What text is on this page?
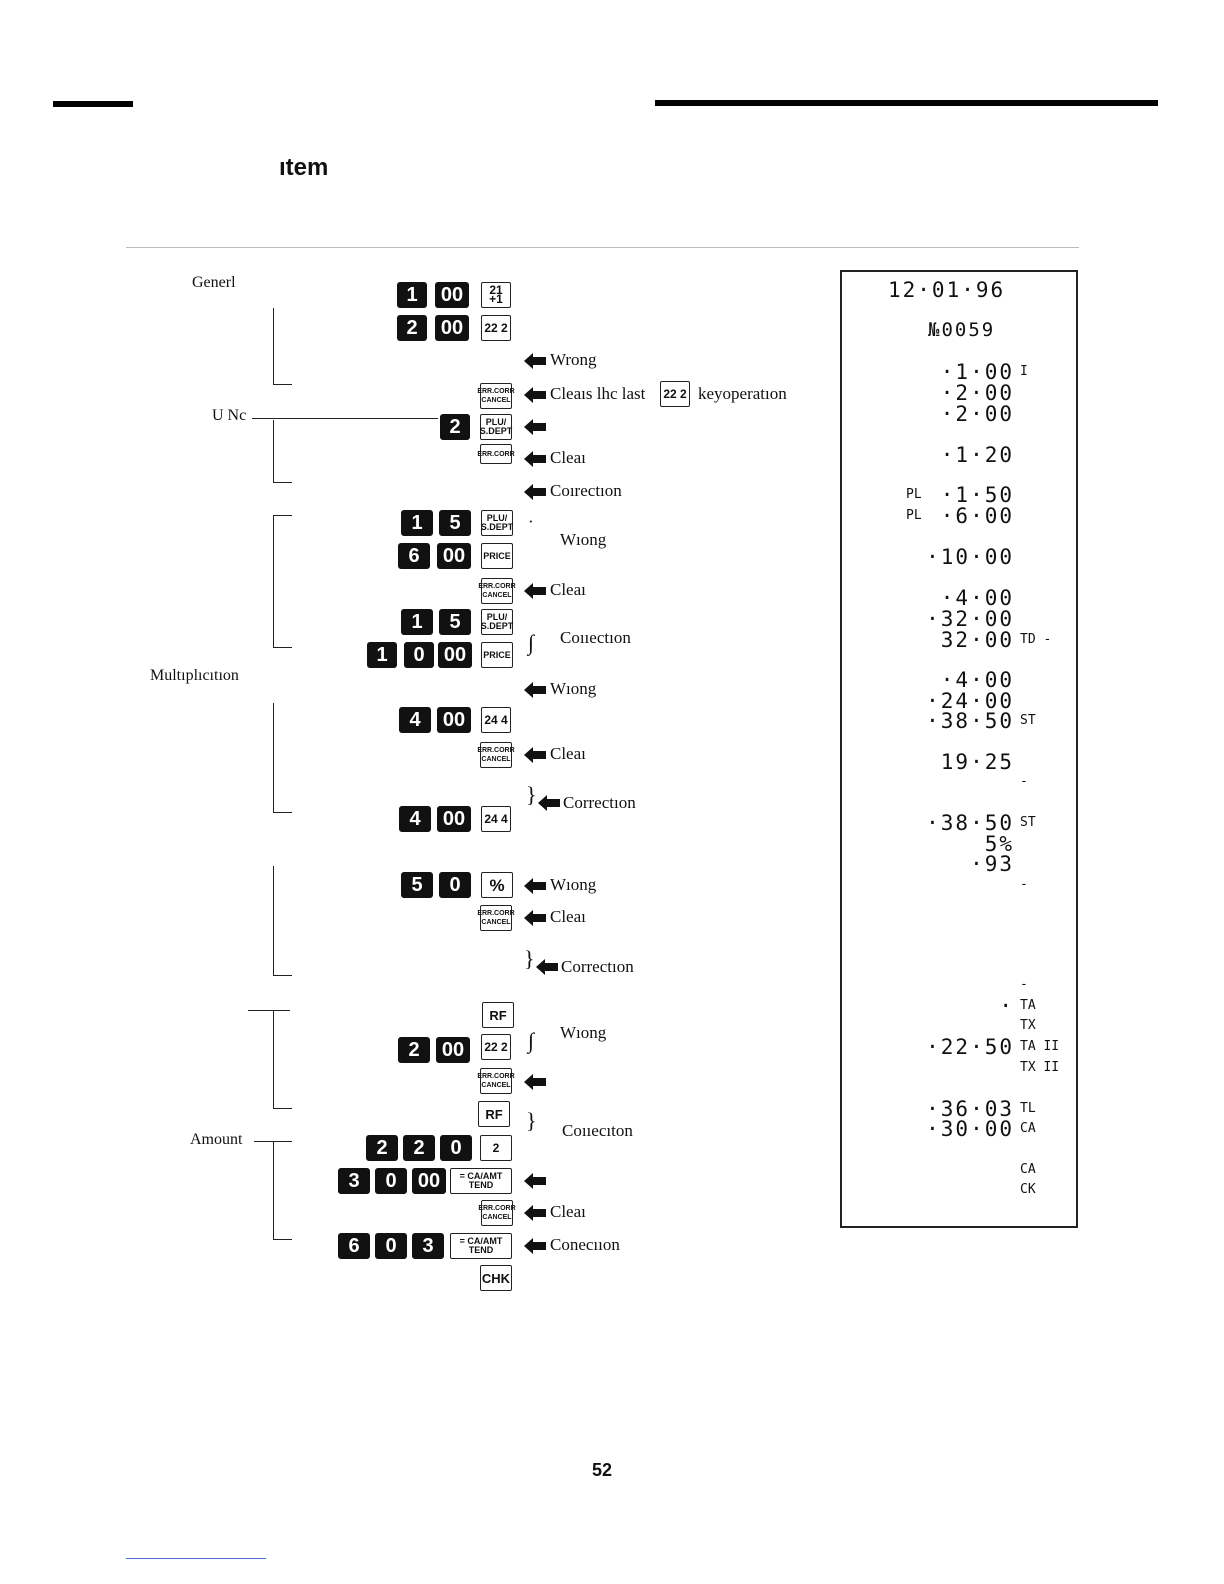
ıtem
Generl
U Nc
Multıplıcıtıon
Amount
1	00	21 +1
2	00	22 2
Wrong
ERR.CORR CANCEL Cleaıs lhc last 22 2 keyoperatıon
2	PLU/ S.DEPT
ERR.CORR Cleaı
Coırectıon
1	5	PLU/ S.DEPT ·
Wıong
6	00	PRICE
ERR.CORR CANCEL Cleaı
1	5	PLU/ S.DEPT
∫ Coııectıon
1	0 00	PRICE
Wıong
4	00	24 4
ERR.CORR CANCEL Cleaı
} Correctıon
4	00	24 4
5	0	%	Wıong
ERR.CORR CANCEL Cleaı
} Correctıon
RF
2	00	22 2 ∫ Wıong
ERR.CORR CANCEL
RF	} Coııecıton
2	2	0	2
3	0	00	= CA/AMT TEND
ERR.CORR CANCEL Cleaı
6	0	3	= CA/AMT TEND	Conecııon
CHK
12·01·96
№0059
·1·00 I
·2·00
·2·00
·1·20
PL ·1·50
PL ·6·00
·10·00
·4·00
·32·00
32·00 TD -
·4·00
·24·00
·38·50 ST
19·25
-
·38·50 ST
5%
·93
-
-
· TA
TX
·22·50 TA II
TX II
·36·03 TL
·30·00 CA
CA
CK
52
